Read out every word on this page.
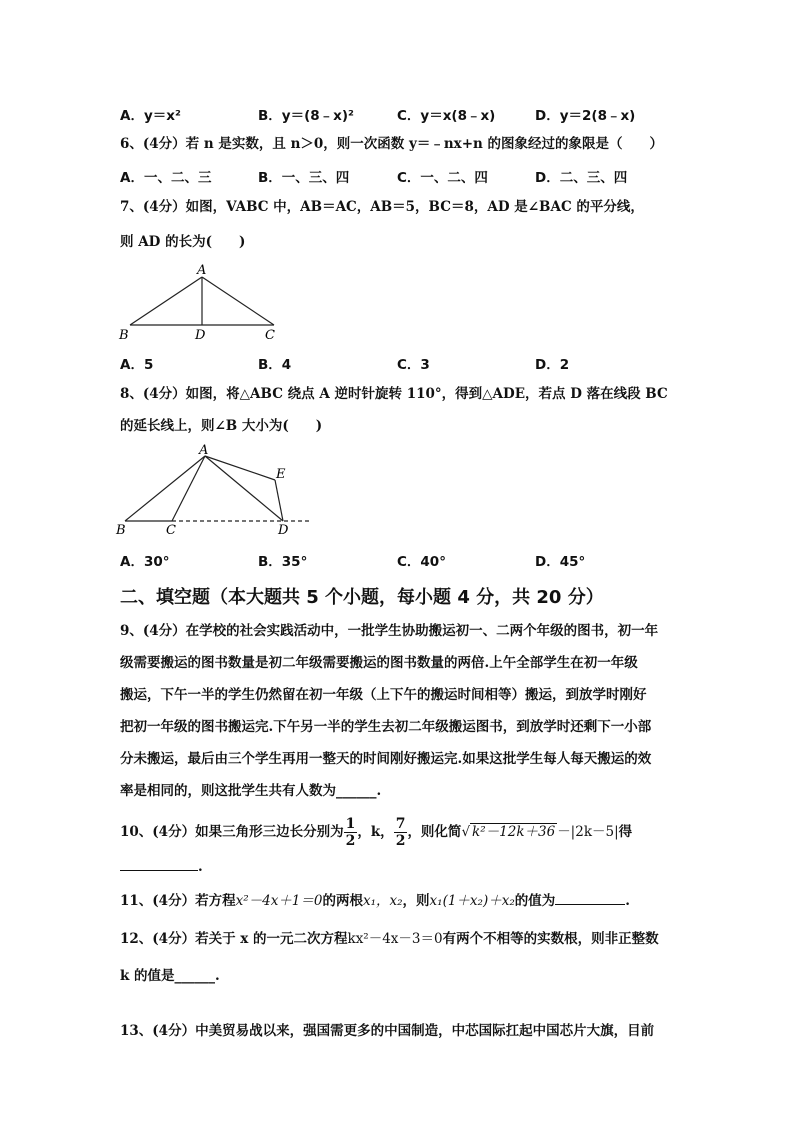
A．y＝x²	B．y＝(8﹣x)²	C．y＝x(8﹣x)	D．y＝2(8﹣x)
6、(4分）若 n 是实数，且 n＞0，则一次函数 y＝﹣nx+n 的图象经过的象限是（　　）
A．一、二、三	B．一、三、四	C．一、二、四	D．二、三、四
7、(4分）如图，VABC 中，AB＝AC，AB＝5，BC＝8，AD 是∠BAC 的平分线，
则 AD 的长为(　　)
A
B	C
D
A．5	B．4	C．3	D．2
8、(4分）如图，将△ABC 绕点 A 逆时针旋转 110°，得到△ADE，若点 D 落在线段 BC
的延长线上，则∠B 大小为(　　)
A
B	C	D
E
A．30°	B．35°	C．40°	D．45°
二、填空题（本大题共 5 个小题，每小题 4 分，共 20 分）
9、(4分）在学校的社会实践活动中，一批学生协助搬运初一、二两个年级的图书，初一年
级需要搬运的图书数量是初二年级需要搬运的图书数量的两倍.上午全部学生在初一年级
搬运，下午一半的学生仍然留在初一年级（上下午的搬运时间相等）搬运，到放学时刚好
把初一年级的图书搬运完.下午另一半的学生去初二年级搬运图书，到放学时还剩下一小部
分未搬运，最后由三个学生再用一整天的时间刚好搬运完.如果这批学生每人每天搬运的效
率是相同的，则这批学生共有人数为______.
10、(4分）如果三角形三边长分别为 $\frac{1}{2}$ ，k， $\frac{7}{2}$ ，则化简√ k²－12k＋36 －|2k－5|得
.
11、(4分）若方程x²－4x＋1＝0的两根x₁，x₂，则x₁(1＋x₂)＋x₂的值为	.
12、(4分）若关于 x 的一元二次方程kx²－4x－3＝0有两个不相等的实数根，则非正整数
k 的值是______.
13、(4分）中美贸易战以来，强国需更多的中国制造，中芯国际扛起中国芯片大旗，目前
